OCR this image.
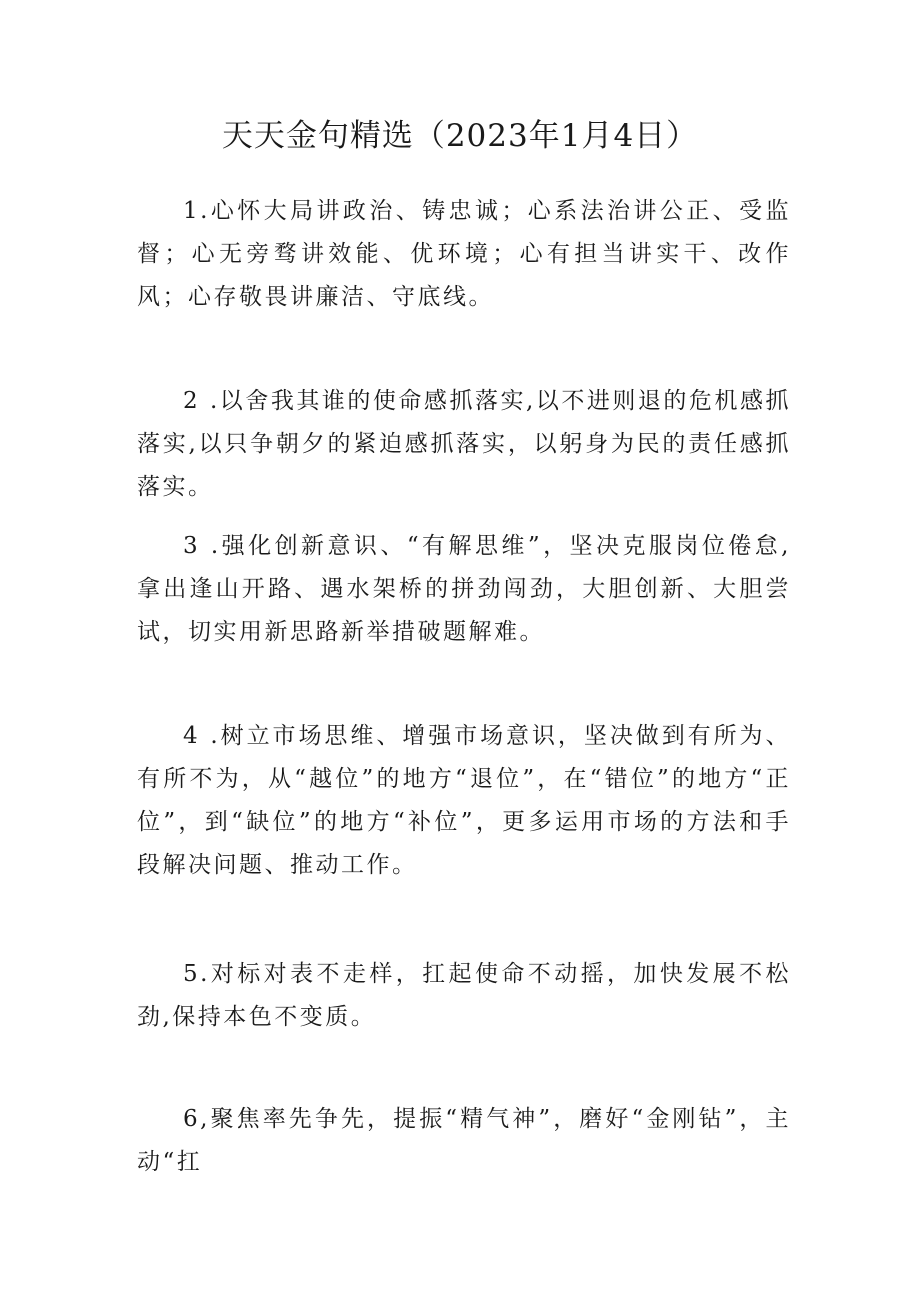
天天金句精选（2023年1月4日）

1.心怀大局讲政治、铸忠诚；心系法治讲公正、受监督；心无旁骛讲效能、优环境；心有担当讲实干、改作风；心存敬畏讲廉洁、守底线。

2 .以舍我其谁的使命感抓落实,以不进则退的危机感抓落实,以只争朝夕的紧迫感抓落实，以躬身为民的责任感抓落实。

3 .强化创新意识、“有解思维”，坚决克服岗位倦怠,拿出逢山开路、遇水架桥的拼劲闯劲，大胆创新、大胆尝试，切实用新思路新举措破题解难。

4 .树立市场思维、增强市场意识，坚决做到有所为、有所不为，从“越位”的地方“退位”，在“错位”的地方“正位”，到“缺位”的地方“补位”，更多运用市场的方法和手段解决问题、推动工作。

5.对标对表不走样，扛起使命不动摇，加快发展不松劲,保持本色不变质。

6,聚焦率先争先，提振“精气神”，磨好“金刚钻”，主动“扛
